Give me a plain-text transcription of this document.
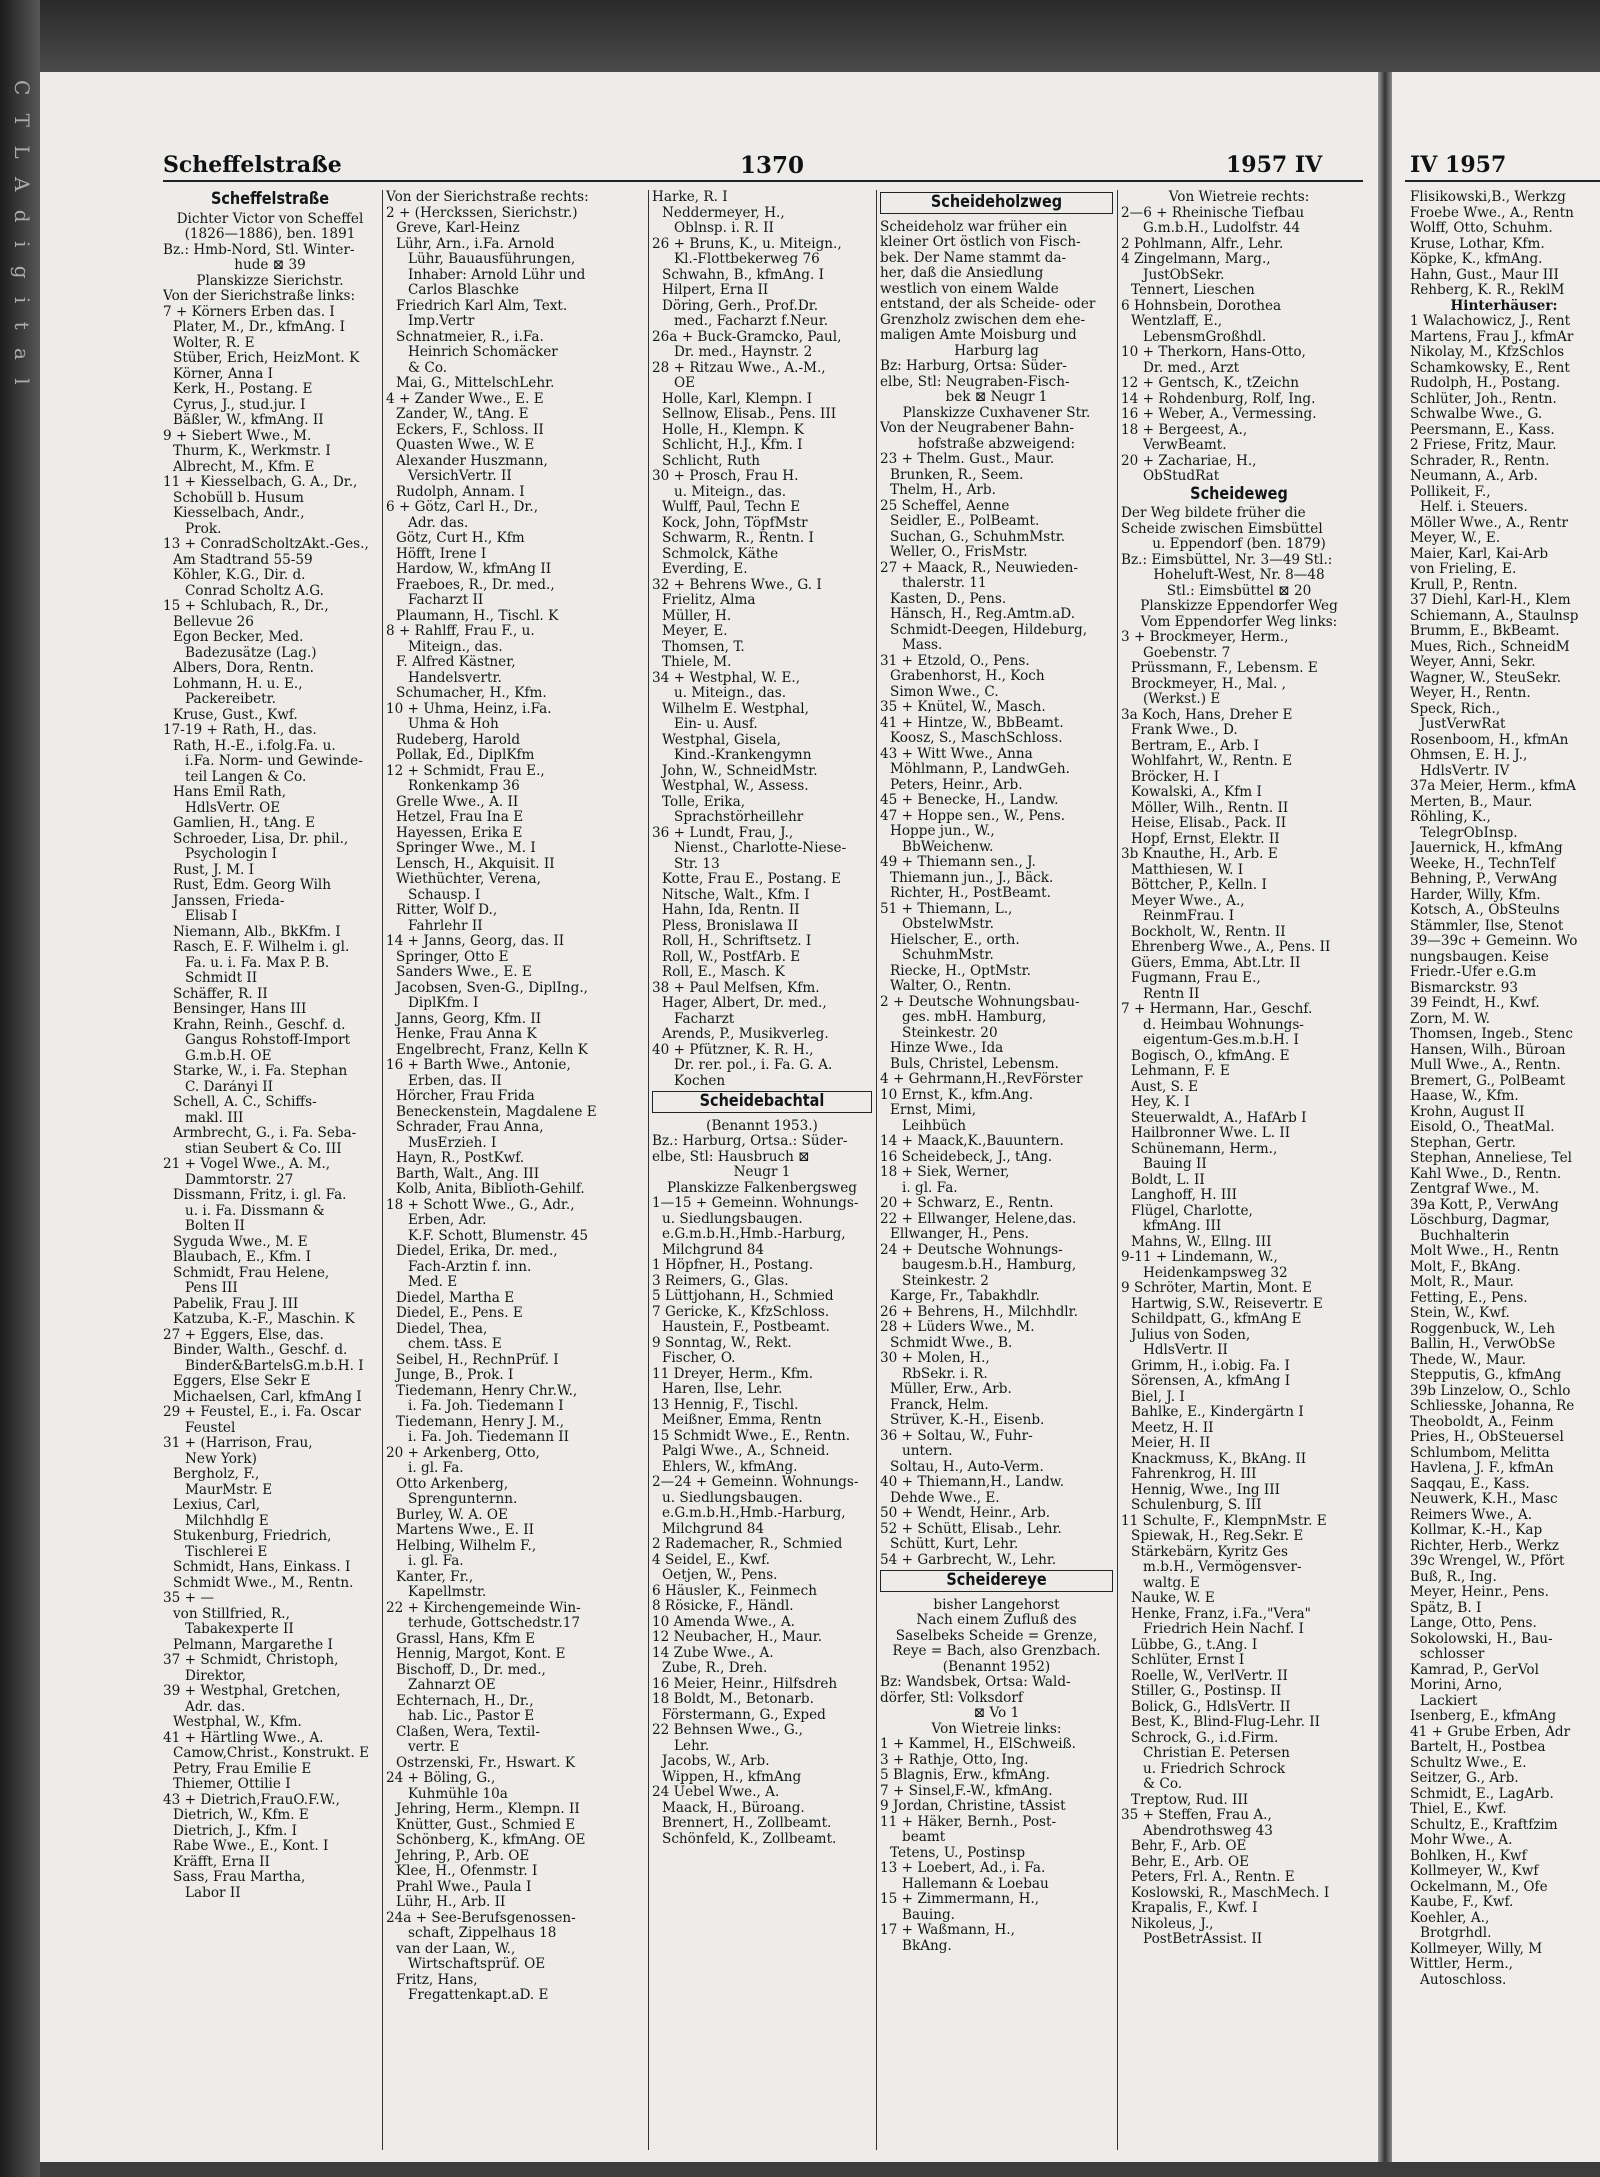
C T L A d i g i t a l	Scheffelstraße	1370	1957 IV	IV 1957
Scheffelstraße

Dichter Victor von Scheffel

(1826—1886), ben. 1891

Bz.: Hmb-Nord, Stl. Winter-

hude ⊠ 39

Planskizze Sierichstr.

Von der Sierichstraße links:

7 + Körners Erben das. I

Plater, M., Dr., kfmAng. I

Wolter, R. E

Stüber, Erich, HeizMont. K

Körner, Anna I

Kerk, H., Postang. E

Cyrus, J., stud.jur. I

Bäßler, W., kfmAng. II

9 + Siebert Wwe., M.

Thurm, K., Werkmstr. I

Albrecht, M., Kfm. E

11 + Kiesselbach, G. A., Dr.,

Schobüll b. Husum

Kiesselbach, Andr.,

Prok.

13 + ConradScholtzAkt.-Ges.,

Am Stadtrand 55-59

Köhler, K.G., Dir. d.

Conrad Scholtz A.G.

15 + Schlubach, R., Dr.,

Bellevue 26

Egon Becker, Med.

Badezusätze (Lag.)

Albers, Dora, Rentn.

Lohmann, H. u. E.,

Packereibetr.

Kruse, Gust., Kwf.

17-19 + Rath, H., das.

Rath, H.-E., i.folg.Fa. u.

i.Fa. Norm- und Gewinde-

teil Langen & Co.

Hans Emil Rath,

HdlsVertr. OE

Gamlien, H., tAng. E

Schroeder, Lisa, Dr. phil.,

Psychologin I

Rust, J. M. I

Rust, Edm. Georg Wilh

Janssen, Frieda-

Elisab I

Niemann, Alb., BkKfm. I

Rasch, E. F. Wilhelm i. gl.

Fa. u. i. Fa. Max P. B.

Schmidt II

Schäffer, R. II

Bensinger, Hans III

Krahn, Reinh., Geschf. d.

Gangus Rohstoff-Import

G.m.b.H. OE

Starke, W., i. Fa. Stephan

C. Darányi II

Schell, A. C., Schiffs-

makl. III

Armbrecht, G., i. Fa. Seba-

stian Seubert & Co. III

21 + Vogel Wwe., A. M.,

Dammtorstr. 27

Dissmann, Fritz, i. gl. Fa.

u. i. Fa. Dissmann &

Bolten II

Syguda Wwe., M. E

Blaubach, E., Kfm. I

Schmidt, Frau Helene,

Pens III

Pabelik, Frau J. III

Katzuba, K.-F., Maschin. K

27 + Eggers, Else, das.

Binder, Walth., Geschf. d.

Binder&BartelsG.m.b.H. I

Eggers, Else Sekr E

Michaelsen, Carl, kfmAng I

29 + Feustel, E., i. Fa. Oscar

Feustel

31 + (Harrison, Frau,

New York)

Bergholz, F.,

MaurMstr. E

Lexius, Carl,

Milchhdlg E

Stukenburg, Friedrich,

Tischlerei E

Schmidt, Hans, Einkass. I

Schmidt Wwe., M., Rentn.

35 + —

von Stillfried, R.,

Tabakexperte II

Pelmann, Margarethe I

37 + Schmidt, Christoph,

Direktor,

39 + Westphal, Gretchen,

Adr. das.

Westphal, W., Kfm.

41 + Härtling Wwe., A.

Camow,Christ., Konstrukt. E

Petry, Frau Emilie E

Thiemer, Ottilie I

43 + Dietrich,FrauO.F.W.,

Dietrich, W., Kfm. E

Dietrich, J., Kfm. I

Rabe Wwe., E., Kont. I

Kräfft, Erna II

Sass, Frau Martha,

Labor II

Von der Sierichstraße rechts:

2 + (Herckssen, Sierichstr.)

Greve, Karl-Heinz

Lühr, Arn., i.Fa. Arnold

Lühr, Bauausführungen,

Inhaber: Arnold Lühr und

Carlos Blaschke

Friedrich Karl Alm, Text.

Imp.Vertr

Schnatmeier, R., i.Fa.

Heinrich Schomäcker

& Co.

Mai, G., MittelschLehr.

4 + Zander Wwe., E. E

Zander, W., tAng. E

Eckers, F., Schloss. II

Quasten Wwe., W. E

Alexander Huszmann,

VersichVertr. II

Rudolph, Annam. I

6 + Götz, Carl H., Dr.,

Adr. das.

Götz, Curt H., Kfm

Höfft, Irene I

Hardow, W., kfmAng II

Fraeboes, R., Dr. med.,

Facharzt II

Plaumann, H., Tischl. K

8 + Rahlff, Frau F., u.

Miteign., das.

F. Alfred Kästner,

Handelsvertr.

Schumacher, H., Kfm.

10 + Uhma, Heinz, i.Fa.

Uhma & Hoh

Rudeberg, Harold

Pollak, Ed., DiplKfm

12 + Schmidt, Frau E.,

Ronkenkamp 36

Grelle Wwe., A. II

Hetzel, Frau Ina E

Hayessen, Erika E

Springer Wwe., M. I

Lensch, H., Akquisit. II

Wiethüchter, Verena,

Schausp. I

Ritter, Wolf D.,

Fahrlehr II

14 + Janns, Georg, das. II

Springer, Otto E

Sanders Wwe., E. E

Jacobsen, Sven-G., DiplIng.,

DiplKfm. I

Janns, Georg, Kfm. II

Henke, Frau Anna K

Engelbrecht, Franz, Kelln K

16 + Barth Wwe., Antonie,

Erben, das. II

Hörcher, Frau Frida

Beneckenstein, Magdalene E

Schrader, Frau Anna,

MusErzieh. I

Hayn, R., PostKwf.

Barth, Walt., Ang. III

Kolb, Anita, Biblioth-Gehilf.

18 + Schott Wwe., G., Adr.,

Erben, Adr.

K.F. Schott, Blumenstr. 45

Diedel, Erika, Dr. med.,

Fach-Ärztin f. inn.

Med. E

Diedel, Martha E

Diedel, E., Pens. E

Diedel, Thea,

chem. tAss. E

Seibel, H., RechnPrüf. I

Junge, B., Prok. I

Tiedemann, Henry Chr.W.,

i. Fa. Joh. Tiedemann I

Tiedemann, Henry J. M.,

i. Fa. Joh. Tiedemann II

20 + Arkenberg, Otto,

i. gl. Fa.

Otto Arkenberg,

Sprengunternn.

Burley, W. A. OE

Martens Wwe., E. II

Helbing, Wilhelm F.,

i. gl. Fa.

Kanter, Fr.,

Kapellmstr.

22 + Kirchengemeinde Win-

terhude, Gottschedstr.17

Grassl, Hans, Kfm E

Hennig, Margot, Kont. E

Bischoff, D., Dr. med.,

Zahnarzt OE

Echternach, H., Dr.,

hab. Lic., Pastor E

Claßen, Wera, Textil-

vertr. E

Ostrzenski, Fr., Hswart. K

24 + Böling, G.,

Kuhmühle 10a

Jehring, Herm., Klempn. II

Knütter, Gust., Schmied E

Schönberg, K., kfmAng. OE

Jehring, P., Arb. OE

Klee, H., Ofenmstr. I

Prahl Wwe., Paula I

Lühr, H., Arb. II

24a + See-Berufsgenossen-

schaft, Zippelhaus 18

van der Laan, W.,

Wirtschaftsprüf. OE

Fritz, Hans,

Fregattenkapt.aD. E

Harke, R. I

Neddermeyer, H.,

Oblnsp. i. R. II

26 + Bruns, K., u. Miteign.,

Kl.-Flottbekerweg 76

Schwahn, B., kfmAng. I

Hilpert, Erna II

Döring, Gerh., Prof.Dr.

med., Facharzt f.Neur.

26a + Buck-Gramcko, Paul,

Dr. med., Haynstr. 2

28 + Ritzau Wwe., A.-M.,

OE

Holle, Karl, Klempn. I

Sellnow, Elisab., Pens. III

Holle, H., Klempn. K

Schlicht, H.J., Kfm. I

Schlicht, Ruth

30 + Prosch, Frau H.

u. Miteign., das.

Wulff, Paul, Techn E

Kock, John, TöpfMstr

Schwarm, R., Rentn. I

Schmolck, Käthe

Everding, E.

32 + Behrens Wwe., G. I

Frielitz, Alma

Müller, H.

Meyer, E.

Thomsen, T.

Thiele, M.

34 + Westphal, W. E.,

u. Miteign., das.

Wilhelm E. Westphal,

Ein- u. Ausf.

Westphal, Gisela,

Kind.-Krankengymn

John, W., SchneidMstr.

Westphal, W., Assess.

Tolle, Erika,

Sprachstörheillehr

36 + Lundt, Frau, J.,

Nienst., Charlotte-Niese-

Str. 13

Kotte, Frau E., Postang. E

Nitsche, Walt., Kfm. I

Hahn, Ida, Rentn. II

Pless, Bronislawa II

Roll, H., Schriftsetz. I

Roll, W., PostfArb. E

Roll, E., Masch. K

38 + Paul Melfsen, Kfm.

Hager, Albert, Dr. med.,

Facharzt

Arends, P., Musikverleg.

40 + Pfützner, K. R. H.,

Dr. rer. pol., i. Fa. G. A.

Kochen

Scheidebachtal

(Benannt 1953.)

Bz.: Harburg, Ortsa.: Süder-

elbe, Stl: Hausbruch ⊠

Neugr 1

Planskizze Falkenbergsweg

1—15 + Gemeinn. Wohnungs-

u. Siedlungsbaugen.

e.G.m.b.H.,Hmb.-Harburg,

Milchgrund 84

1 Höpfner, H., Postang.

3 Reimers, G., Glas.

5 Lüttjohann, H., Schmied

7 Gericke, K., KfzSchloss.

Haustein, F., Postbeamt.

9 Sonntag, W., Rekt.

Fischer, O.

11 Dreyer, Herm., Kfm.

Haren, Ilse, Lehr.

13 Hennig, F., Tischl.

Meißner, Emma, Rentn

15 Schmidt Wwe., E., Rentn.

Palgi Wwe., A., Schneid.

Ehlers, W., kfmAng.

2—24 + Gemeinn. Wohnungs-

u. Siedlungsbaugen.

e.G.m.b.H.,Hmb.-Harburg,

Milchgrund 84

2 Rademacher, R., Schmied

4 Seidel, E., Kwf.

Oetjen, W., Pens.

6 Häusler, K., Feinmech

8 Rösicke, F., Händl.

10 Amenda Wwe., A.

12 Neubacher, H., Maur.

14 Zube Wwe., A.

Zube, R., Dreh.

16 Meier, Heinr., Hilfsdreh

18 Boldt, M., Betonarb.

Förstermann, G., Exped

22 Behnsen Wwe., G.,

Lehr.

Jacobs, W., Arb.

Wippen, H., kfmAng

24 Uebel Wwe., A.

Maack, H., Büroang.

Brennert, H., Zollbeamt.

Schönfeld, K., Zollbeamt.

Scheideholzweg

Scheideholz war früher ein

kleiner Ort östlich von Fisch-

bek. Der Name stammt da-

her, daß die Ansiedlung

westlich von einem Walde

entstand, der als Scheide- oder

Grenzholz zwischen dem ehe-

maligen Amte Moisburg und

Harburg lag

Bz: Harburg, Ortsa: Süder-

elbe, Stl: Neugraben-Fisch-

bek ⊠ Neugr 1

Planskizze Cuxhavener Str.

Von der Neugrabener Bahn-

hofstraße abzweigend:

23 + Thelm. Gust., Maur.

Brunken, R., Seem.

Thelm, H., Arb.

25 Scheffel, Aenne

Seidler, E., PolBeamt.

Suchan, G., SchuhmMstr.

Weller, O., FrisMstr.

27 + Maack, R., Neuwieden-

thalerstr. 11

Kasten, D., Pens.

Hänsch, H., Reg.Amtm.aD.

Schmidt-Deegen, Hildeburg,

Mass.

31 + Etzold, O., Pens.

Grabenhorst, H., Koch

Simon Wwe., C.

35 + Knütel, W., Masch.

41 + Hintze, W., BbBeamt.

Koosz, S., MaschSchloss.

43 + Witt Wwe., Anna

Möhlmann, P., LandwGeh.

Peters, Heinr., Arb.

45 + Benecke, H., Landw.

47 + Hoppe sen., W., Pens.

Hoppe jun., W.,

BbWeichenw.

49 + Thiemann sen., J.

Thiemann jun., J., Bäck.

Richter, H., PostBeamt.

51 + Thiemann, L.,

ObstelwMstr.

Hielscher, E., orth.

SchuhmMstr.

Riecke, H., OptMstr.

Walter, O., Rentn.

2 + Deutsche Wohnungsbau-

ges. mbH. Hamburg,

Steinkestr. 20

Hinze Wwe., Ida

Buls, Christel, Lebensm.

4 + Gehrmann,H.,RevFörster

10 Ernst, K., kfm.Ang.

Ernst, Mimi,

Leihbüch

14 + Maack,K.,Bauuntern.

16 Scheidebeck, J., tAng.

18 + Siek, Werner,

i. gl. Fa.

20 + Schwarz, E., Rentn.

22 + Ellwanger, Helene,das.

Ellwanger, H., Pens.

24 + Deutsche Wohnungs-

baugesm.b.H., Hamburg,

Steinkestr. 2

Karge, Fr., Tabakhdlr.

26 + Behrens, H., Milchhdlr.

28 + Lüders Wwe., M.

Schmidt Wwe., B.

30 + Molen, H.,

RbSekr. i. R.

Müller, Erw., Arb.

Franck, Helm.

Strüver, K.-H., Eisenb.

36 + Soltau, W., Fuhr-

untern.

Soltau, H., Auto-Verm.

40 + Thiemann,H., Landw.

Dehde Wwe., E.

50 + Wendt, Heinr., Arb.

52 + Schütt, Elisab., Lehr.

Schütt, Kurt, Lehr.

54 + Garbrecht, W., Lehr.

Scheidereye

bisher Langehorst

Nach einem Zufluß des

Saselbeks Scheide = Grenze,

Reye = Bach, also Grenzbach.

(Benannt 1952)

Bz: Wandsbek, Ortsa: Wald-

dörfer, Stl: Volksdorf

⊠ Vo 1

Von Wietreie links:

1 + Kammel, H., ElSchweiß.

3 + Rathje, Otto, Ing.

5 Blagnis, Erw., kfmAng.

7 + Sinsel,F.-W., kfmAng.

9 Jordan, Christine, tAssist

11 + Häker, Bernh., Post-

beamt

Tetens, U., Postinsp

13 + Loebert, Ad., i. Fa.

Hallemann & Loebau

15 + Zimmermann, H.,

Bauing.

17 + Waßmann, H.,

BkAng.

Von Wietreie rechts:

2—6 + Rheinische Tiefbau

G.m.b.H., Ludolfstr. 44

2 Pohlmann, Alfr., Lehr.

4 Zingelmann, Marg.,

JustObSekr.

Tennert, Lieschen

6 Hohnsbein, Dorothea

Wentzlaff, E.,

LebensmGroßhdl.

10 + Therkorn, Hans-Otto,

Dr. med., Arzt

12 + Gentsch, K., tZeichn

14 + Rohdenburg, Rolf, Ing.

16 + Weber, A., Vermessing.

18 + Bergeest, A.,

VerwBeamt.

20 + Zachariae, H.,

ObStudRat

Scheideweg

Der Weg bildete früher die

Scheide zwischen Eimsbüttel

u. Eppendorf (ben. 1879)

Bz.: Eimsbüttel, Nr. 3—49 Stl.:

Hoheluft-West, Nr. 8—48

Stl.: Eimsbüttel ⊠ 20

Planskizze Eppendorfer Weg

Vom Eppendorfer Weg links:

3 + Brockmeyer, Herm.,

Goebenstr. 7

Prüssmann, F., Lebensm. E

Brockmeyer, H., Mal. ,

(Werkst.) E

3a Koch, Hans, Dreher E

Frank Wwe., D.

Bertram, E., Arb. I

Wohlfahrt, W., Rentn. E

Bröcker, H. I

Kowalski, A., Kfm I

Möller, Wilh., Rentn. II

Heise, Elisab., Pack. II

Hopf, Ernst, Elektr. II

3b Knauthe, H., Arb. E

Matthiesen, W. I

Böttcher, P., Kelln. I

Meyer Wwe., A.,

ReinmFrau. I

Bockholt, W., Rentn. II

Ehrenberg Wwe., A., Pens. II

Güers, Emma, Abt.Ltr. II

Fugmann, Frau E.,

Rentn II

7 + Hermann, Har., Geschf.

d. Heimbau Wohnungs-

eigentum-Ges.m.b.H. I

Bogisch, O., kfmAng. E

Lehmann, F. E

Aust, S. E

Hey, K. I

Steuerwaldt, A., HafArb I

Hailbronner Wwe. L. II

Schünemann, Herm.,

Bauing II

Boldt, L. II

Langhoff, H. III

Flügel, Charlotte,

kfmAng. III

Mahns, W., Ellng. III

9-11 + Lindemann, W.,

Heidenkampsweg 32

9 Schröter, Martin, Mont. E

Hartwig, S.W., Reisevertr. E

Schildpatt, G., kfmAng E

Julius von Soden,

HdlsVertr. II

Grimm, H., i.obig. Fa. I

Sörensen, A., kfmAng I

Biel, J. I

Bahlke, E., Kindergärtn I

Meetz, H. II

Meier, H. II

Knackmuss, K., BkAng. II

Fahrenkrog, H. III

Hennig, Wwe., Ing III

Schulenburg, S. III

11 Schulte, F., KlempnMstr. E

Spiewak, H., Reg.Sekr. E

Stärkebärn, Kyritz Ges

m.b.H., Vermögensver-

waltg. E

Nauke, W. E

Henke, Franz, i.Fa.,"Vera"

Friedrich Hein Nachf. I

Lübbe, G., t.Ang. I

Schlüter, Ernst I

Roelle, W., VerlVertr. II

Stiller, G., Postinsp. II

Bolick, G., HdlsVertr. II

Best, K., Blind-Flug-Lehr. II

Schrock, G., i.d.Firm.

Christian E. Petersen

u. Friedrich Schrock

& Co.

Treptow, Rud. III

35 + Steffen, Frau A.,

Abendrothsweg 43

Behr, F., Arb. OE

Behr, E., Arb. OE

Peters, Frl. A., Rentn. E

Koslowski, R., MaschMech. I

Krapalis, F., Kwf. I

Nikoleus, J.,

PostBetrAssist. II

Flisikowski,B., Werkzg

Froebe Wwe., A., Rentn

Wolff, Otto, Schuhm.

Kruse, Lothar, Kfm.

Köpke, K., kfmAng.

Hahn, Gust., Maur III

Rehberg, K. R., ReklM

Hinterhäuser:

1 Walachowicz, J., Rent

Martens, Frau J., kfmAr

Nikolay, M., KfzSchlos

Schamkowsky, E., Rent

Rudolph, H., Postang.

Schlüter, Joh., Rentn.

Schwalbe Wwe., G.

Peersmann, E., Kass.

2 Friese, Fritz, Maur.

Schrader, R., Rentn.

Neumann, A., Arb.

Pollikeit, F.,

Helf. i. Steuers.

Möller Wwe., A., Rentr

Meyer, W., E.

Maier, Karl, Kai-Arb

von Frieling, E.

Krull, P., Rentn.

37 Diehl, Karl-H., Klem

Schiemann, A., Staulnsp

Brumm, E., BkBeamt.

Mues, Rich., SchneidM

Weyer, Anni, Sekr.

Wagner, W., SteuSekr.

Weyer, H., Rentn.

Speck, Rich.,

JustVerwRat

Rosenboom, H., kfmAn

Ohmsen, E. H. J.,

HdlsVertr. IV

37a Meier, Herm., kfmA

Merten, B., Maur.

Röhling, K.,

TelegrObInsp.

Jauernick, H., kfmAng

Weeke, H., TechnTelf

Behning, P., VerwAng

Harder, Willy, Kfm.

Kotsch, A., ObSteulns

Stämmler, Ilse, Stenot

39—39c + Gemeinn. Wo

nungsbaugen. Keise

Friedr.-Ufer e.G.m

Bismarckstr. 93

39 Feindt, H., Kwf.

Zorn, M. W.

Thomsen, Ingeb., Stenc

Hansen, Wilh., Büroan

Mull Wwe., A., Rentn.

Bremert, G., PolBeamt

Haase, W., Kfm.

Krohn, August II

Eisold, O., TheatMal.

Stephan, Gertr.

Stephan, Anneliese, Tel

Kahl Wwe., D., Rentn.

Zentgraf Wwe., M.

39a Kott, P., VerwAng

Löschburg, Dagmar,

Buchhalterin

Molt Wwe., H., Rentn

Molt, F., BkAng.

Molt, R., Maur.

Fetting, E., Pens.

Stein, W., Kwf.

Roggenbuck, W., Leh

Ballin, H., VerwObSe

Thede, W., Maur.

Stepputis, G., kfmAng

39b Linzelow, O., Schlo

Schliesske, Johanna, Re

Theoboldt, A., Feinm

Pries, H., ObSteuersel

Schlumbom, Melitta

Havlena, J. F., kfmAn

Saqqau, E., Kass.

Neuwerk, K.H., Masc

Reimers Wwe., A.

Kollmar, K.-H., Kap

Richter, Herb., Werkz

39c Wrengel, W., Pfört

Buß, R., Ing.

Meyer, Heinr., Pens.

Spätz, B. I

Lange, Otto, Pens.

Sokolowski, H., Bau-

schlosser

Kamrad, P., GerVol

Morini, Arno,

Lackiert

Isenberg, E., kfmAng

41 + Grube Erben, Adr

Bartelt, H., Postbea

Schultz Wwe., E.

Seitzer, G., Arb.

Schmidt, E., LagArb.

Thiel, E., Kwf.

Schultz, E., Kraftfzim

Mohr Wwe., A.

Bohlken, H., Kwf

Kollmeyer, W., Kwf

Ockelmann, M., Ofe

Kaube, F., Kwf.

Koehler, A.,

Brotgrhdl.

Kollmeyer, Willy, M

Wittler, Herm.,

Autoschloss.
